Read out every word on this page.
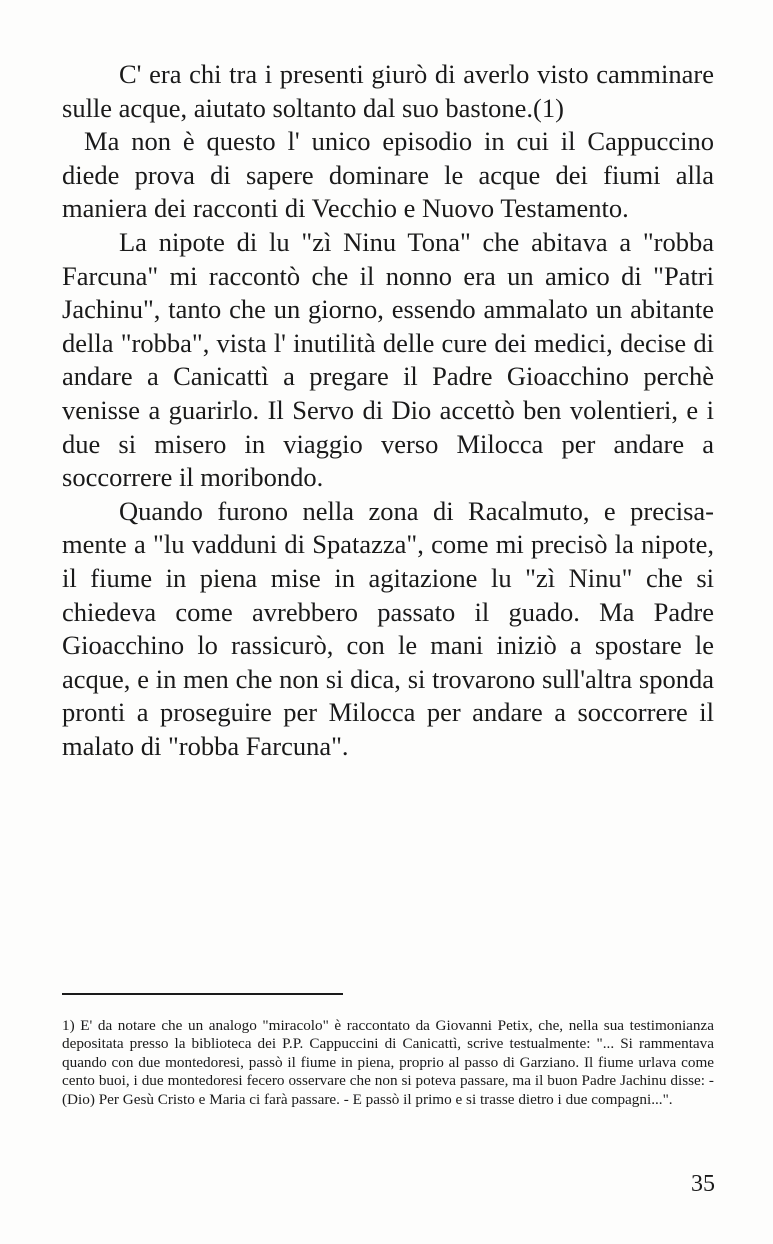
C' era chi tra i presenti giurò di averlo visto camminare sulle acque, aiutato soltanto dal suo bastone.(1)

Ma non è questo l' unico episodio in cui il Cappuccino diede prova di sapere dominare le acque dei fiumi alla maniera dei racconti di Vecchio e Nuovo Testamento.

La nipote di lu "zì Ninu Tona" che abitava a "robba Farcuna" mi raccontò che il nonno era un amico di "Patri Jachinu", tanto che un giorno, essendo ammalato un abitante della "robba", vista l' inutilità delle cure dei medici, decise di andare a Canicattì a pregare il Padre Gioacchino perchè venisse a guarirlo. Il Servo di Dio accettò ben volentieri, e i due si misero in viaggio verso Milocca per andare a soccorrere il moribondo.

Quando furono nella zona di Racalmuto, e precisamente a "lu vadduni di Spatazza", come mi precisò la nipote, il fiume in piena mise in agitazione lu "zì Ninu" che si chiedeva come avrebbero passato il guado. Ma Padre Gioacchino lo rassicurò, con le mani iniziò a spostare le acque, e in men che non si dica, si trovarono sull'altra sponda pronti a proseguire per Milocca per andare a soccorrere il malato di "robba Farcuna".

1) E' da notare che un analogo "miracolo" è raccontato da Giovanni Petix, che, nella sua testimonianza depositata presso la biblioteca dei P.P. Cappuccini di Canicattì, scrive testualmente: "... Si rammentava quando con due montedoresi, passò il fiume in piena, proprio al passo di Garziano. Il fiume urlava come cento buoi, i due montedoresi fecero osservare che non si poteva passare, ma il buon Padre Jachinu disse: - (Dio) Per Gesù Cristo e Maria ci farà passare. - E passò il primo e si trasse dietro i due compagni...".
35
